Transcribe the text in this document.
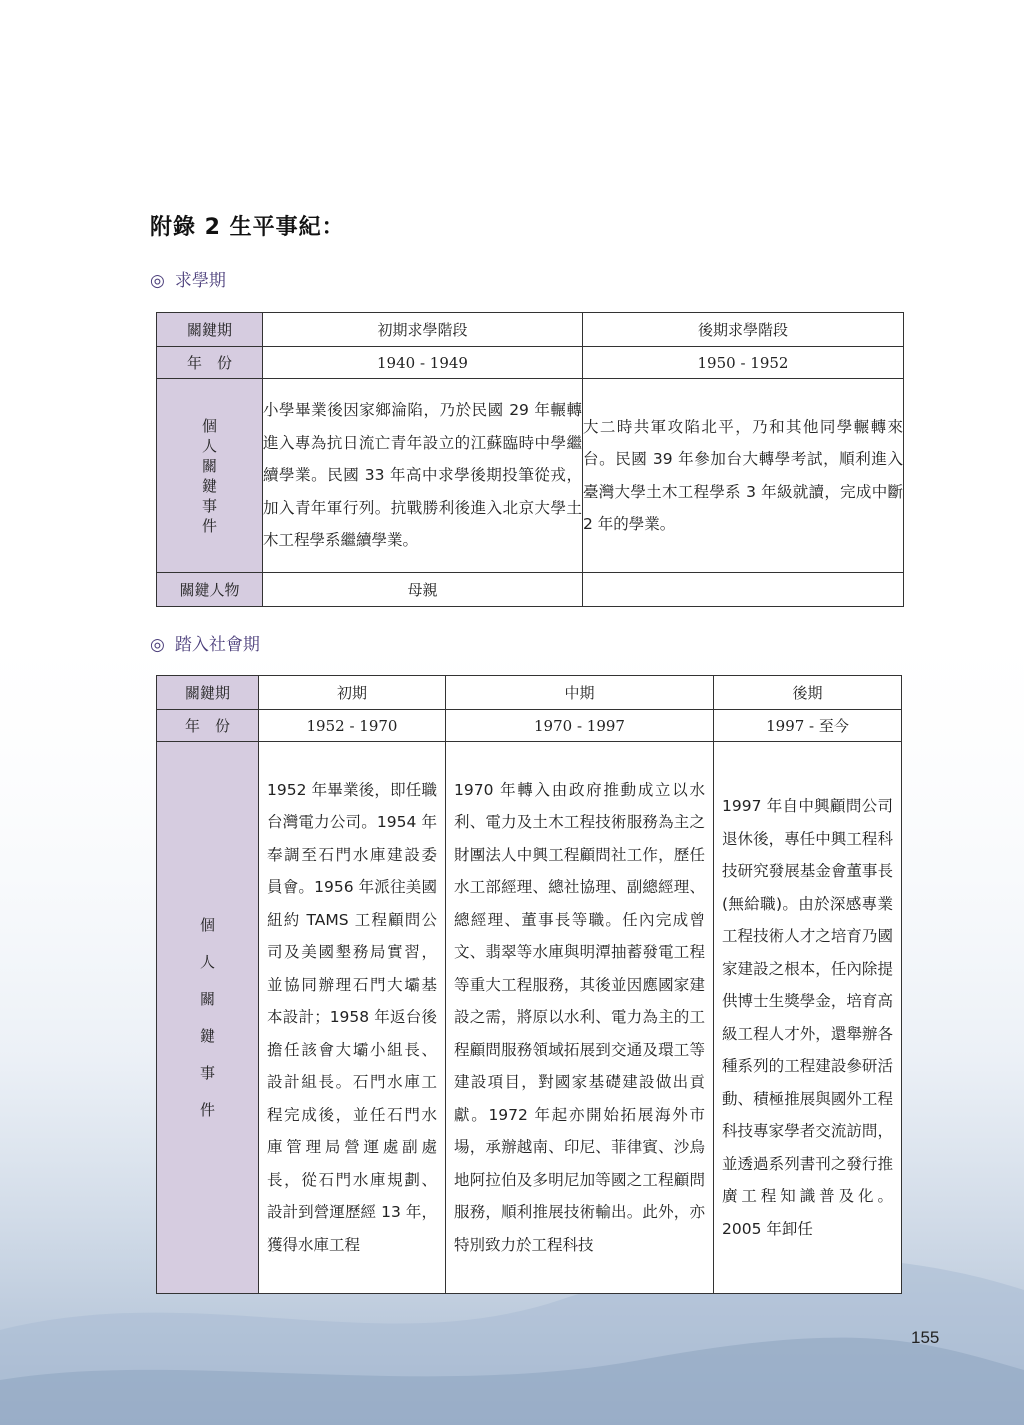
附錄 2 生平事紀：
◎ 求學期
關鍵期	初期求學階段	後期求學階段
年　份	1940 - 1949	1950 - 1952
個人關鍵事件	小學畢業後因家鄉淪陷，乃於民國 29 年輾轉進入專為抗日流亡青年設立的江蘇臨時中學繼續學業。民國 33 年高中求學後期投筆從戎，加入青年軍行列。抗戰勝利後進入北京大學土木工程學系繼續學業。	大二時共軍攻陷北平，乃和其他同學輾轉來台。民國 39 年參加台大轉學考試，順利進入臺灣大學土木工程學系 3 年級就讀，完成中斷 2 年的學業。
關鍵人物	母親	
◎ 踏入社會期
關鍵期	初期	中期	後期
年　份	1952 - 1970	1970 - 1997	1997 - 至今
個人關鍵事件	1952 年畢業後，即任職台灣電力公司。1954 年奉調至石門水庫建設委員會。1956 年派往美國紐約 TAMS 工程顧問公司及美國墾務局實習，並協同辦理石門大壩基本設計；1958 年返台後擔任該會大壩小組長、設計組長。石門水庫工程完成後，並任石門水庫管理局營運處副處長，從石門水庫規劃、設計到營運歷經 13 年，獲得水庫工程	1970 年轉入由政府推動成立以水利、電力及土木工程技術服務為主之財團法人中興工程顧問社工作，歷任水工部經理、總社協理、副總經理、總經理、董事長等職。任內完成曾文、翡翠等水庫與明潭抽蓄發電工程等重大工程服務，其後並因應國家建設之需，將原以水利、電力為主的工程顧問服務領域拓展到交通及環工等建設項目，對國家基礎建設做出貢獻。1972 年起亦開始拓展海外市場，承辦越南、印尼、菲律賓、沙烏地阿拉伯及多明尼加等國之工程顧問服務，順利推展技術輸出。此外，亦特別致力於工程科技	1997 年自中興顧問公司退休後，專任中興工程科技研究發展基金會董事長(無給職)。由於深感專業工程技術人才之培育乃國家建設之根本，任內除提供博士生獎學金，培育高級工程人才外，還舉辦各種系列的工程建設參研活動、積極推展與國外工程科技專家學者交流訪問，並透過系列書刊之發行推廣工程知識普及化。2005 年卸任
155
